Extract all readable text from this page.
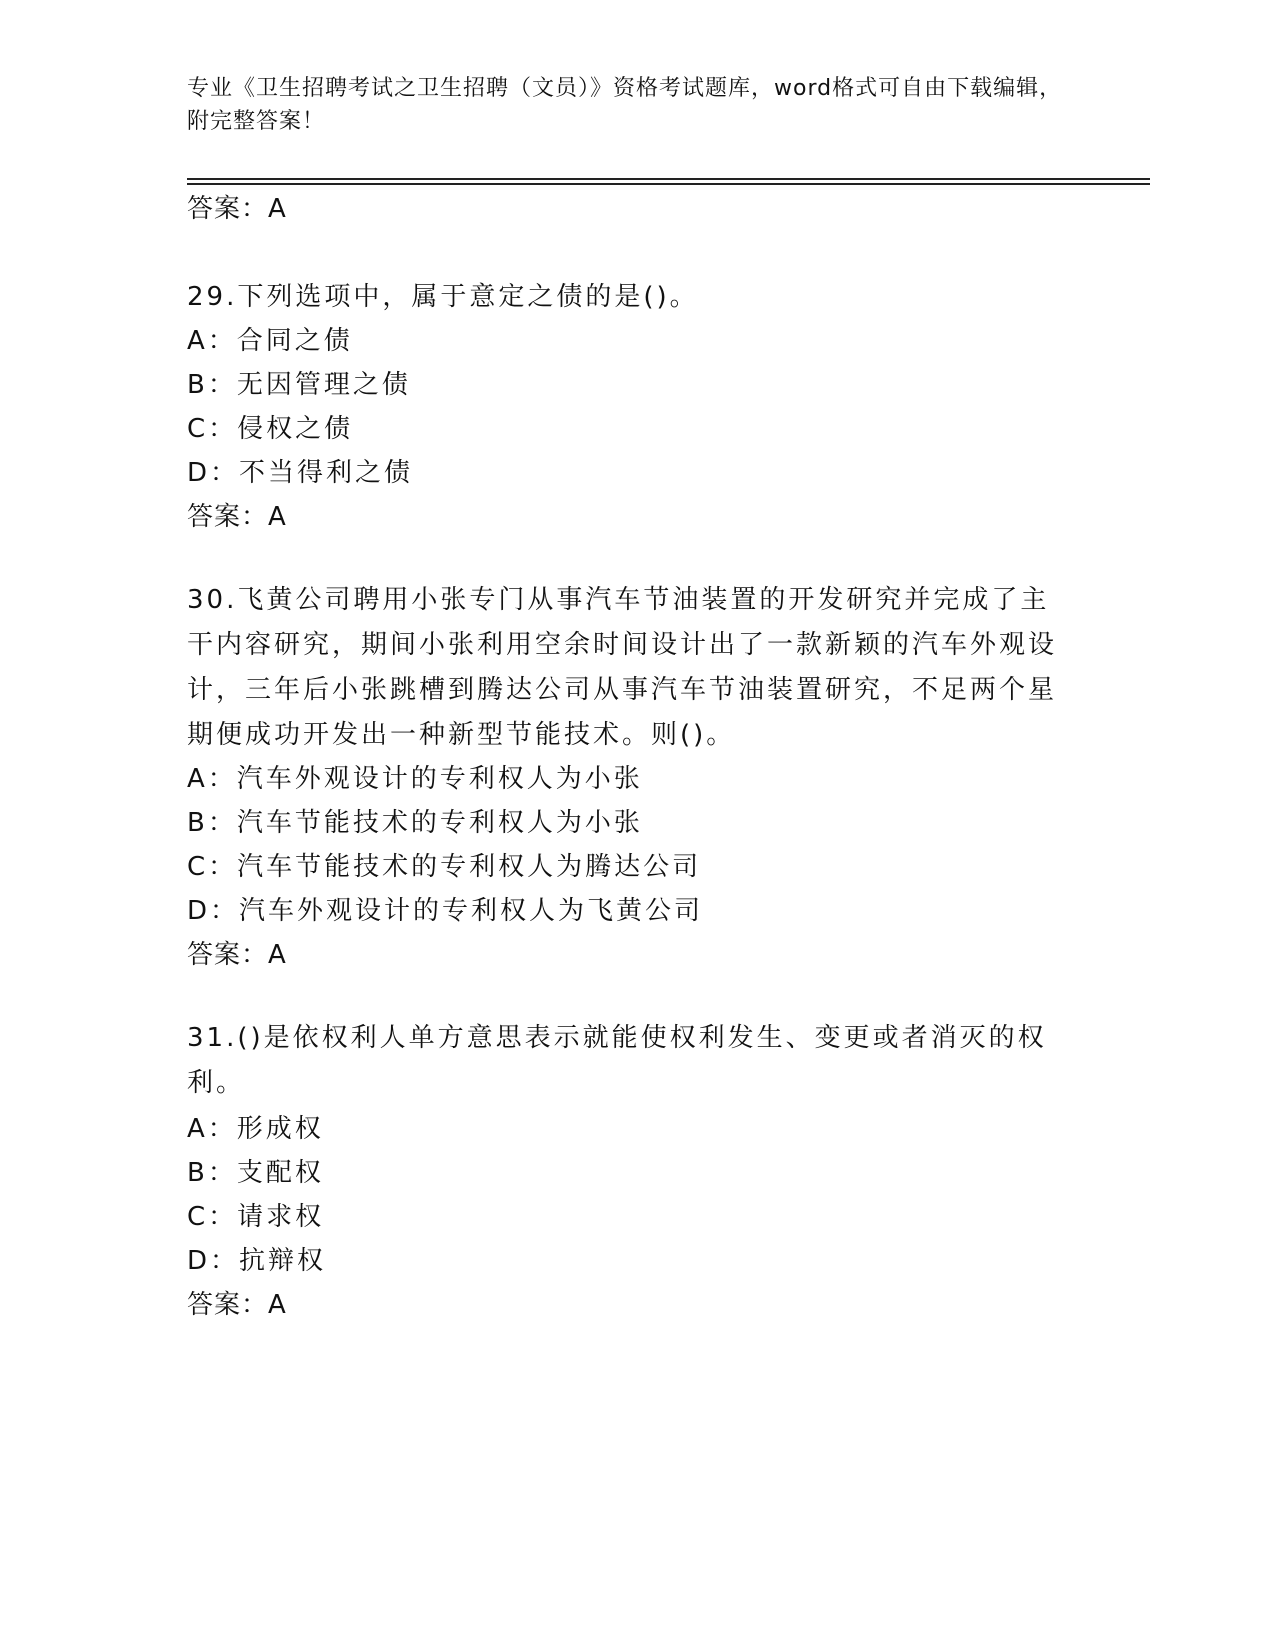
专业《卫生招聘考试之卫生招聘（文员）》资格考试题库，word格式可自由下载编辑，附完整答案！
答案：A
29.下列选项中，属于意定之债的是()。
A：合同之债
B：无因管理之债
C：侵权之债
D：不当得利之债
答案：A
30.飞黄公司聘用小张专门从事汽车节油装置的开发研究并完成了主干内容研究，期间小张利用空余时间设计出了一款新颖的汽车外观设计，三年后小张跳槽到腾达公司从事汽车节油装置研究，不足两个星期便成功开发出一种新型节能技术。则()。
A：汽车外观设计的专利权人为小张
B：汽车节能技术的专利权人为小张
C：汽车节能技术的专利权人为腾达公司
D：汽车外观设计的专利权人为飞黄公司
答案：A
31.()是依权利人单方意思表示就能使权利发生、变更或者消灭的权利。
A：形成权
B：支配权
C：请求权
D：抗辩权
答案：A
